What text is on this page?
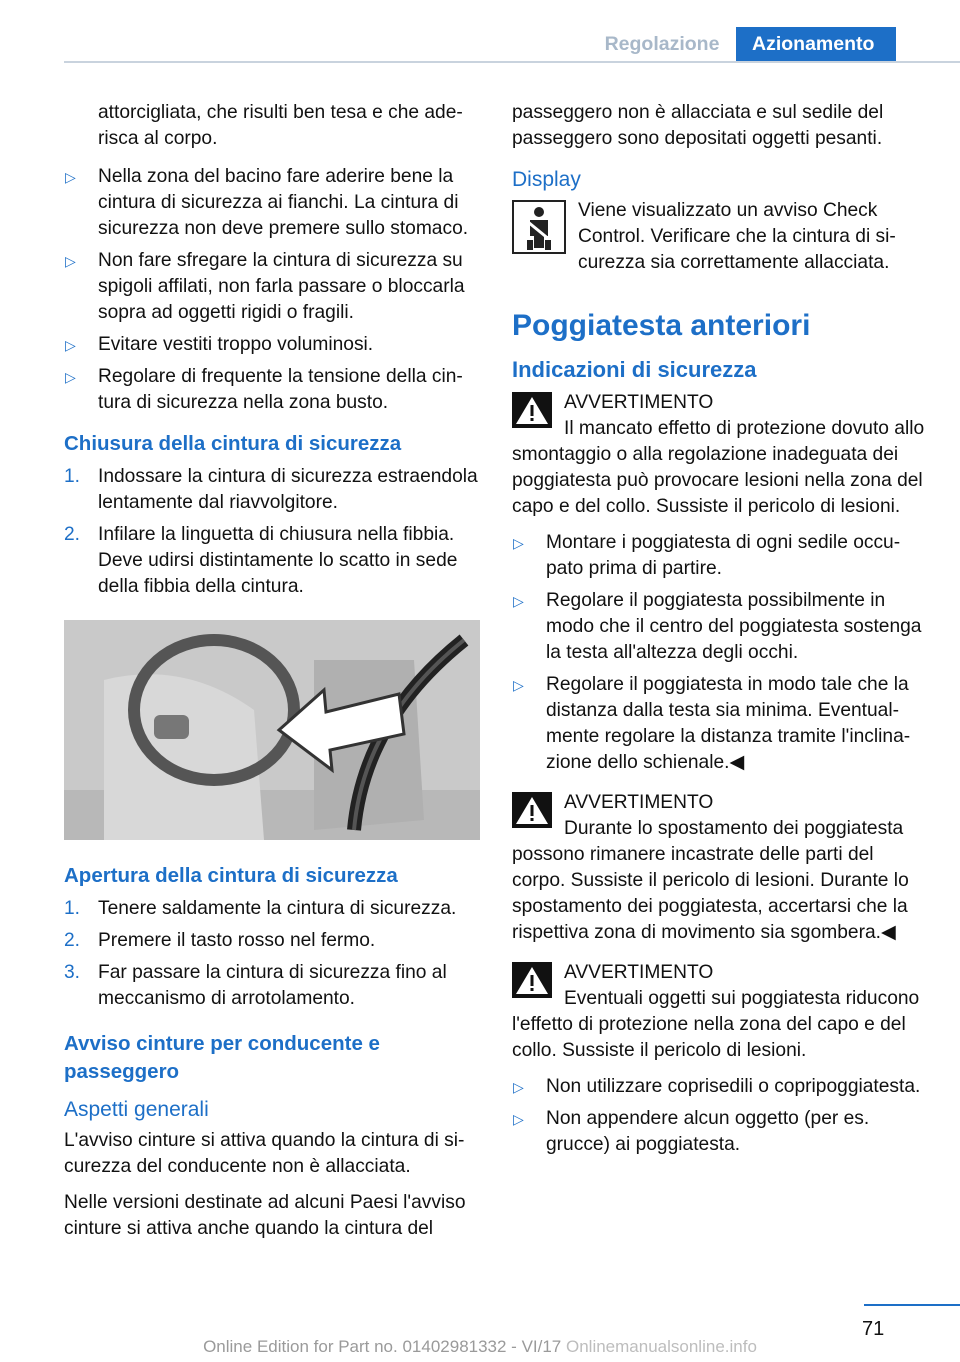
Regolazione	Azionamento

attorcigliata, che risulti ben tesa e che aderisca al corpo.

▷ Nella zona del bacino fare aderire bene la cintura di sicurezza ai fianchi. La cintura di sicurezza non deve premere sullo stomaco.
▷ Non fare sfregare la cintura di sicurezza su spigoli affilati, non farla passare o bloccarla sopra ad oggetti rigidi o fragili.
▷ Evitare vestiti troppo voluminosi.
▷ Regolare di frequente la tensione della cintura di sicurezza nella zona busto.
Chiusura della cintura di sicurezza
1. Indossare la cintura di sicurezza estraendola lentamente dal riavvolgitore.
2. Infilare la linguetta di chiusura nella fibbia. Deve udirsi distintamente lo scatto in sede della fibbia della cintura.
Apertura della cintura di sicurezza
1. Tenere saldamente la cintura di sicurezza.
2. Premere il tasto rosso nel fermo.
3. Far passare la cintura di sicurezza fino al meccanismo di arrotolamento.
Avviso cinture per conducente e passeggero
Aspetti generali

L'avviso cinture si attiva quando la cintura di sicurezza del conducente non è allacciata.

Nelle versioni destinate ad alcuni Paesi l'avviso cinture si attiva anche quando la cintura del

passeggero non è allacciata e sul sedile del passeggero sono depositati oggetti pesanti.

Display
Viene visualizzato un avviso Check Control. Verificare che la cintura di sicurezza sia correttamente allacciata.
Poggiatesta anteriori
Indicazioni di sicurezza
AVVERTIMENTO

Il mancato effetto di protezione dovuto allo smontaggio o alla regolazione inadeguata dei poggiatesta può provocare lesioni nella zona del capo e del collo. Sussiste il pericolo di lesioni.

▷ Montare i poggiatesta di ogni sedile occupato prima di partire.
▷ Regolare il poggiatesta possibilmente in modo che il centro del poggiatesta sostenga la testa all'altezza degli occhi.
▷ Regolare il poggiatesta in modo tale che la distanza dalla testa sia minima. Eventualmente regolare la distanza tramite l'inclinazione dello schienale.◀
AVVERTIMENTO

Durante lo spostamento dei poggiatesta possono rimanere incastrate delle parti del corpo. Sussiste il pericolo di lesioni. Durante lo spostamento dei poggiatesta, accertarsi che la rispettiva zona di movimento sia sgombera.◀

AVVERTIMENTO

Eventuali oggetti sui poggiatesta riducono l'effetto di protezione nella zona del capo e del collo. Sussiste il pericolo di lesioni.

▷ Non utilizzare coprisedili o copripoggiatesta.
▷ Non appendere alcun oggetto (per es. grucce) ai poggiatesta.
71
Online Edition for Part no. 01402981332 - VI/17 Onlinemanualsonline.info
